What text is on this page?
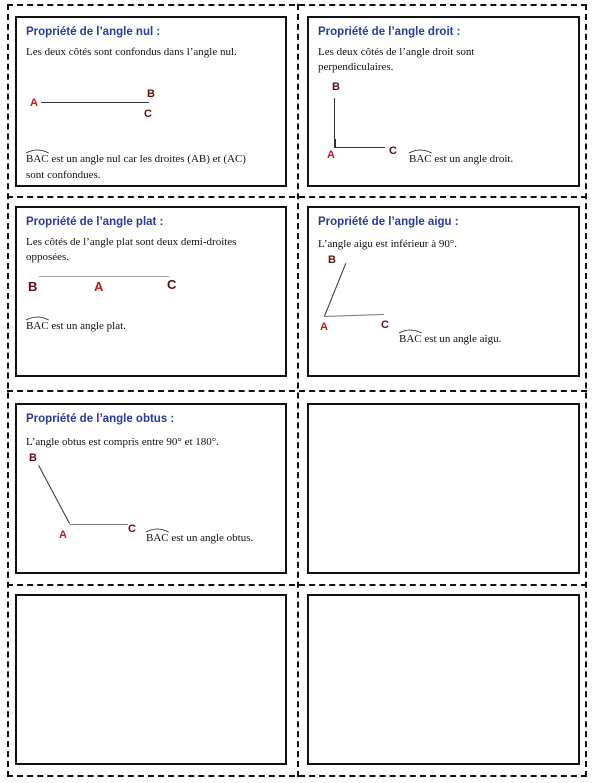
Propriété de l’angle nul :
Les deux côtés sont confondus dans l’angle nul.
A
B
C
BAC est un angle nul car les droites (AB) et (AC)
sont confondues.
Propriété de l’angle droit :
Les deux côtés de l’angle droit sont
perpendiculaires.
B
A	C
BAC est un angle droit.
Propriété de l’angle plat :
Les côtés de l’angle plat sont deux demi-droites
opposées.
B	A	C
BAC est un angle plat.
Propriété de l’angle aigu :
L’angle aigu est inférieur à 90°.
B
A	C
BAC est un angle aigu.
Propriété de l’angle obtus :
L’angle obtus est compris entre 90° et 180°.
B
A	C
BAC est un angle obtus.
